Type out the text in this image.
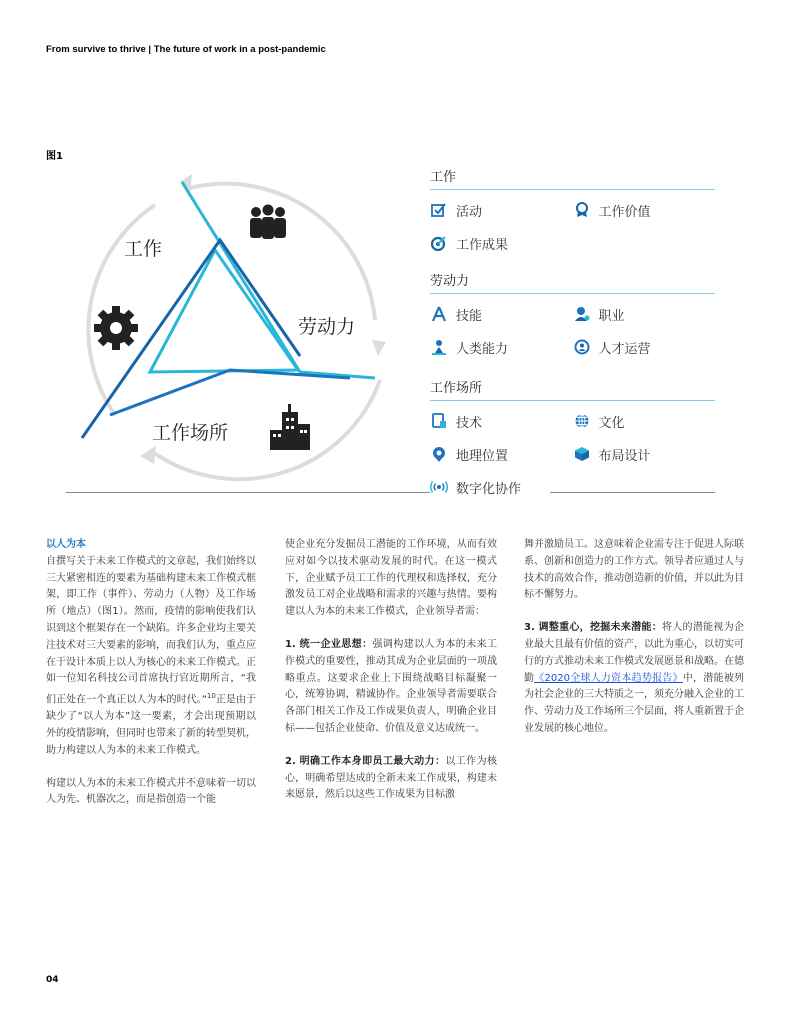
From survive to thrive | The future of work in a post-pandemic
图1
工作
劳动力
工作场所
工作
活动	工作价值
工作成果
劳动力
技能	职业
人类能力	人才运营
工作场所
技术	文化
地理位置	布局设计
数字化协作
以人为本

自撰写关于未来工作模式的文章起，我们始终以三大紧密相连的要素为基础构建未来工作模式框架，即工作（事件）、劳动力（人物）及工作场所（地点）（图1）。然而，疫情的影响使我们认识到这个框架存在一个缺陷。许多企业均主要关注技术对三大要素的影响，而我们认为，重点应在于设计本质上以人为核心的未来工作模式。正如一位知名科技公司首席执行官近期所言，“我们正处在一个真正以人为本的时代。”$^{10}$正是由于缺少了“以人为本”这一要素，才会出现预期以外的疫情影响，但同时也带来了新的转型契机，助力构建以人为本的未来工作模式。

构建以人为本的未来工作模式并不意味着一切以人为先、机器次之，而是指创造一个能

使企业充分发掘员工潜能的工作环境，从而有效应对如今以技术驱动发展的时代。在这一模式下，企业赋予员工工作的代理权和选择权，充分激发员工对企业战略和需求的兴趣与热情。要构建以人为本的未来工作模式，企业领导者需：

1. 统一企业思想：强调构建以人为本的未来工作模式的重要性，推动其成为企业层面的一项战略重点。这要求企业上下围绕战略目标凝聚一心，统筹协调，精诚协作。企业领导者需要联合各部门相关工作及工作成果负责人，明确企业目标——包括企业使命、价值及意义达成统一。

2. 明确工作本身即员工最大动力：以工作为核心，明确希望达成的全新未来工作成果，构建未来愿景，然后以这些工作成果为目标激

舞并激励员工。这意味着企业需专注于促进人际联系、创新和创造力的工作方式。领导者应通过人与技术的高效合作，推动创造新的价值，并以此为目标不懈努力。

3. 调整重心，挖掘未来潜能：将人的潜能视为企业最大且最有价值的资产，以此为重心，以切实可行的方式推动未来工作模式发展愿景和战略。在德勤《2020全球人力资本趋势报告》中，潜能被列为社会企业的三大特质之一，须充分融入企业的工作、劳动力及工作场所三个层面，将人重新置于企业发展的核心地位。

04
